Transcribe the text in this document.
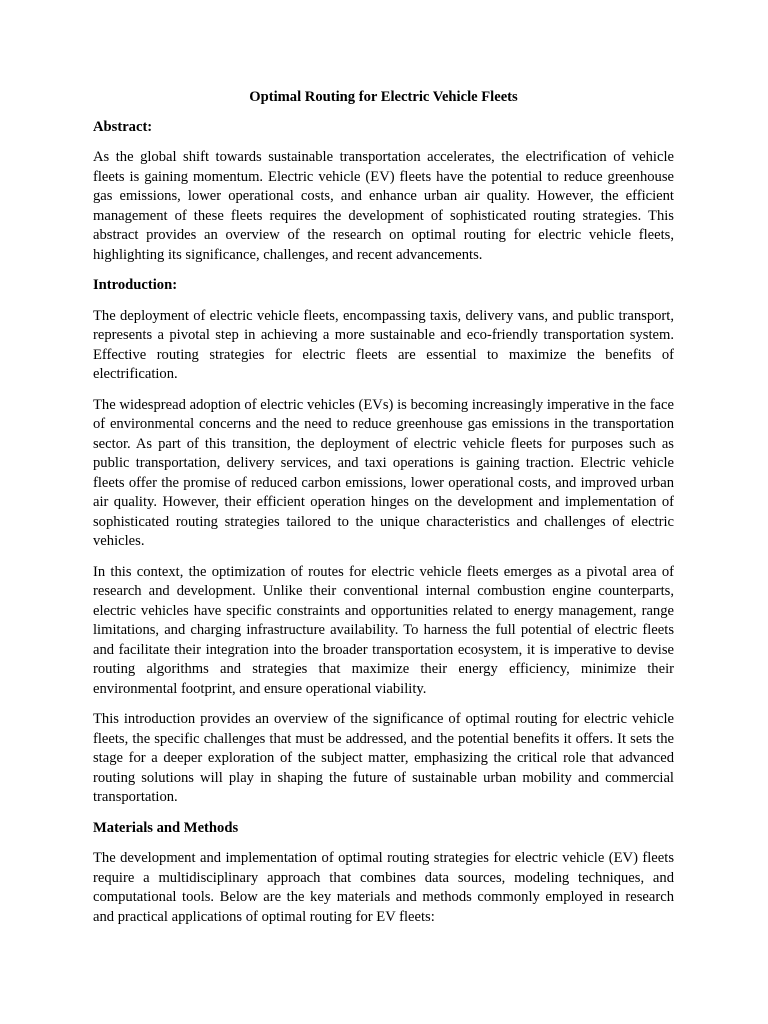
Optimal Routing for Electric Vehicle Fleets
Abstract:

As the global shift towards sustainable transportation accelerates, the electrification of vehicle fleets is gaining momentum. Electric vehicle (EV) fleets have the potential to reduce greenhouse gas emissions, lower operational costs, and enhance urban air quality. However, the efficient management of these fleets requires the development of sophisticated routing strategies. This abstract provides an overview of the research on optimal routing for electric vehicle fleets, highlighting its significance, challenges, and recent advancements.

Introduction:

The deployment of electric vehicle fleets, encompassing taxis, delivery vans, and public transport, represents a pivotal step in achieving a more sustainable and eco-friendly transportation system. Effective routing strategies for electric fleets are essential to maximize the benefits of electrification.

The widespread adoption of electric vehicles (EVs) is becoming increasingly imperative in the face of environmental concerns and the need to reduce greenhouse gas emissions in the transportation sector. As part of this transition, the deployment of electric vehicle fleets for purposes such as public transportation, delivery services, and taxi operations is gaining traction. Electric vehicle fleets offer the promise of reduced carbon emissions, lower operational costs, and improved urban air quality. However, their efficient operation hinges on the development and implementation of sophisticated routing strategies tailored to the unique characteristics and challenges of electric vehicles.

In this context, the optimization of routes for electric vehicle fleets emerges as a pivotal area of research and development. Unlike their conventional internal combustion engine counterparts, electric vehicles have specific constraints and opportunities related to energy management, range limitations, and charging infrastructure availability. To harness the full potential of electric fleets and facilitate their integration into the broader transportation ecosystem, it is imperative to devise routing algorithms and strategies that maximize their energy efficiency, minimize their environmental footprint, and ensure operational viability.

This introduction provides an overview of the significance of optimal routing for electric vehicle fleets, the specific challenges that must be addressed, and the potential benefits it offers. It sets the stage for a deeper exploration of the subject matter, emphasizing the critical role that advanced routing solutions will play in shaping the future of sustainable urban mobility and commercial transportation.

Materials and Methods

The development and implementation of optimal routing strategies for electric vehicle (EV) fleets require a multidisciplinary approach that combines data sources, modeling techniques, and computational tools. Below are the key materials and methods commonly employed in research and practical applications of optimal routing for EV fleets:
